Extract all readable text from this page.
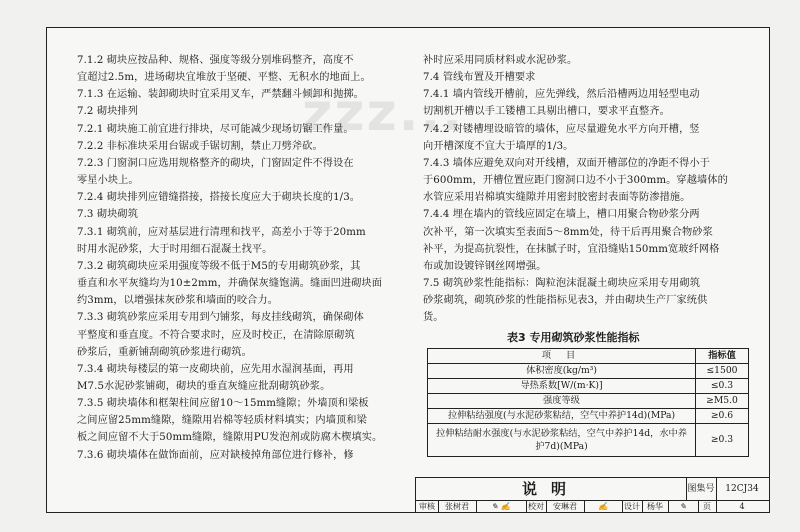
zzz...

7.1.2 砌块应按品种、规格、强度等级分别堆码整齐，高度不

宜超过2.5m，进场砌块宜堆放于坚硬、平整、无积水的地面上。

7.1.3 在运输、装卸砌块时宜采用叉车，严禁翻斗倾卸和抛掷。

7.2 砌块排列

7.2.1 砌块施工前宜进行排块，尽可能减少现场切锯工作量。

7.2.2 非标准块采用台锯或手锯切割，禁止刀劈斧砍。

7.2.3 门窗洞口应选用规格整齐的砌块，门窗固定件不得设在

零星小块上。

7.2.4 砌块排列应错缝搭接，搭接长度应大于砌块长度的1/3。

7.3 砌块砌筑

7.3.1 砌筑前，应对基层进行清理和找平，高差小于等于20mm

时用水泥砂浆，大于时用细石混凝土找平。

7.3.2 砌筑砌块应采用强度等级不低于M5的专用砌筑砂浆，其

垂直和水平灰缝均为10±2mm，并确保灰缝饱满。缝面凹进砌块面

约3mm，以增强抹灰砂浆和墙面的咬合力。

7.3.3 砌筑砂浆应采用专用到勺铺浆，每皮挂线砌筑，确保砌体

平整度和垂直度。不符合要求时，应及时校正，在清除原砌筑

砂浆后，重新铺刮砌筑砂浆进行砌筑。

7.3.4 砌块每楼层的第一皮砌块前，应先用水湿润基面，再用

M7.5水泥砂浆铺砌，砌块的垂直灰缝应批刮砌筑砂浆。

7.3.5 砌块墙体和框架柱间应留10～15mm缝隙；外墙顶和梁板

之间应留25mm缝隙，缝隙用岩棉等轻质材料填实；内墙顶和梁

板之间应留不大于50mm缝隙，缝隙用PU发泡剂或防腐木楔填实。

7.3.6 砌块墙体在做饰面前，应对缺棱掉角部位进行修补，修

补时应采用同质材料或水泥砂浆。

7.4 管线布置及开槽要求

7.4.1 墙内管线开槽前，应先弹线，然后沿槽两边用轻型电动

切割机开槽以手工镂槽工具剔出槽口，要求平直整齐。

7.4.2 对镂槽埋设暗管的墙体，应尽量避免水平方向开槽，竖

向开槽深度不宜大于墙厚的1/3。

7.4.3 墙体应避免双向对开线槽，双面开槽部位的净距不得小于

于600mm，开槽位置应距门窗洞口边不小于300mm。穿越墙体的

水管应采用岩棉填实缝隙并用密封胶密封表面等防渗措施。

7.4.4 埋在墙内的管线应固定在墙上，槽口用聚合物砂浆分两

次补平，第一次填实至表面5～8mm处，待干后再用聚合物砂浆

补平，为提高抗裂性，在抹腻子时，宜沿缝贴150mm宽玻纤网格

布或加设镀锌钢丝网增强。

7.5 砌筑砂浆性能指标：陶粒泡沫混凝土砌块应采用专用砌筑

砂浆砌筑，砌筑砂浆的性能指标见表3，并由砌块生产厂家统供

货。

表3 专用砌筑砂浆性能指标
项 目	指标值
体积密度(kg/m³)	≤1500
导热系数[W/(m·K)]	≤0.3
强度等级	≥M5.0
拉伸粘结强度(与水泥砂浆粘结，空气中养护14d)(MPa)	≥0.6
拉伸粘结耐水强度(与水泥砂浆粘结，空气中养护14d，水中养护7d)(MPa)	≥0.3
说明	图集号	12CJ34
审核	张树君	✎ ✍	校对	安琳君	✍	设计 杨华	✎	页	4
